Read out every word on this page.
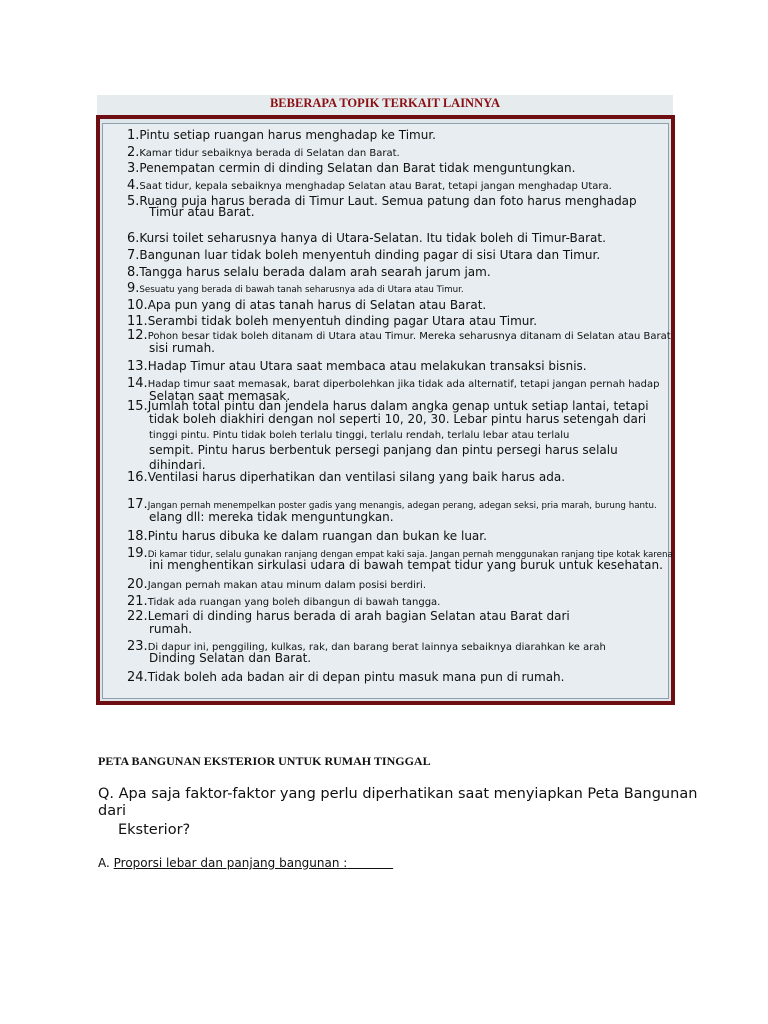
BEBERAPA TOPIK TERKAIT LAINNYA
1.Pintu setiap ruangan harus menghadap ke Timur.
2.Kamar tidur sebaiknya berada di Selatan dan Barat.
3.Penempatan cermin di dinding Selatan dan Barat tidak menguntungkan.
4.Saat tidur, kepala sebaiknya menghadap Selatan atau Barat, tetapi jangan menghadap Utara.
5.Ruang puja harus berada di Timur Laut. Semua patung dan foto harus menghadap
Timur atau Barat.
6.Kursi toilet seharusnya hanya di Utara-Selatan. Itu tidak boleh di Timur-Barat.
7.Bangunan luar tidak boleh menyentuh dinding pagar di sisi Utara dan Timur.
8.Tangga harus selalu berada dalam arah searah jarum jam.
9.Sesuatu yang berada di bawah tanah seharusnya ada di Utara atau Timur.
10.Apa pun yang di atas tanah harus di Selatan atau Barat.
11.Serambi tidak boleh menyentuh dinding pagar Utara atau Timur.
12.Pohon besar tidak boleh ditanam di Utara atau Timur. Mereka seharusnya ditanam di Selatan atau Barat
sisi rumah.
13.Hadap Timur atau Utara saat membaca atau melakukan transaksi bisnis.
14.Hadap timur saat memasak, barat diperbolehkan jika tidak ada alternatif, tetapi jangan pernah hadap
Selatan saat memasak.
15.Jumlah total pintu dan jendela harus dalam angka genap untuk setiap lantai, tetapi
tidak boleh diakhiri dengan nol seperti 10, 20, 30. Lebar pintu harus setengah dari
tinggi pintu. Pintu tidak boleh terlalu tinggi, terlalu rendah, terlalu lebar atau terlalu
sempit. Pintu harus berbentuk persegi panjang dan pintu persegi harus selalu
dihindari.
16.Ventilasi harus diperhatikan dan ventilasi silang yang baik harus ada.
17.Jangan pernah menempelkan poster gadis yang menangis, adegan perang, adegan seksi, pria marah, burung hantu.
elang dll: mereka tidak menguntungkan.
18.Pintu harus dibuka ke dalam ruangan dan bukan ke luar.
19.Di kamar tidur, selalu gunakan ranjang dengan empat kaki saja. Jangan pernah menggunakan ranjang tipe kotak karena
ini menghentikan sirkulasi udara di bawah tempat tidur yang buruk untuk kesehatan.
20.Jangan pernah makan atau minum dalam posisi berdiri.
21.Tidak ada ruangan yang boleh dibangun di bawah tangga.
22.Lemari di dinding harus berada di arah bagian Selatan atau Barat dari
rumah.
23.Di dapur ini, penggiling, kulkas, rak, dan barang berat lainnya sebaiknya diarahkan ke arah
Dinding Selatan dan Barat.
24.Tidak boleh ada badan air di depan pintu masuk mana pun di rumah.
PETA BANGUNAN EKSTERIOR UNTUK RUMAH TINGGAL
Q. Apa saja faktor-faktor yang perlu diperhatikan saat menyiapkan Peta Bangunan dari
Eksterior?
A. Proporsi lebar dan panjang bangunan :
